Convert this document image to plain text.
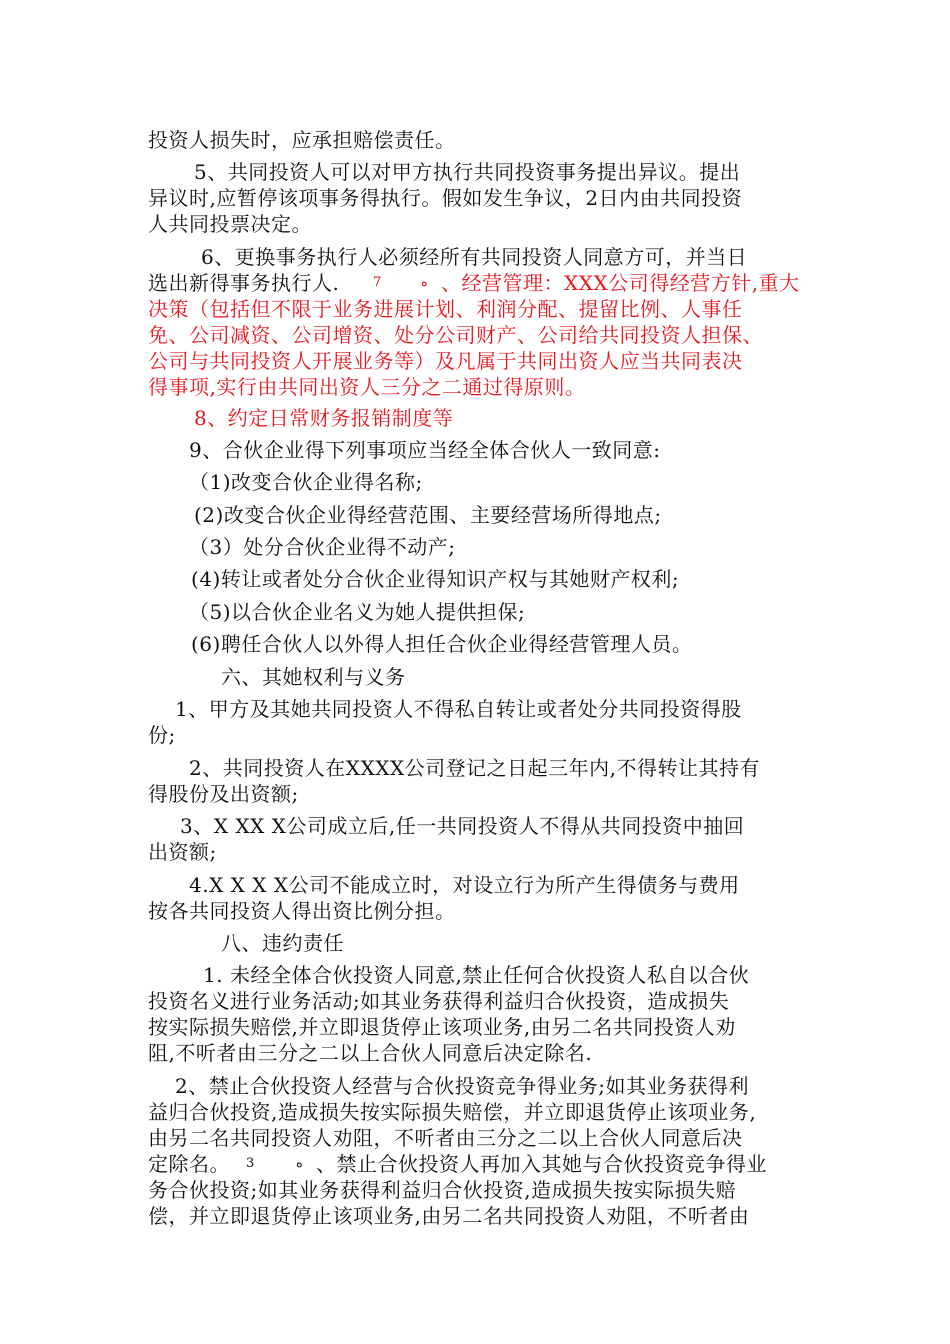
投资人损失时，应承担赔偿责任。
5、共同投资人可以对甲方执行共同投资事务提出异议。提出
异议时,应暂停该项事务得执行。假如发生争议，2日内由共同投资
人共同投票决定。
6、更换事务执行人必须经所有共同投资人同意方可，并当日
选出新得事务执行人.	7	ه 、经营管理：XXX公司得经营方针,重大
决策（包括但不限于业务进展计划、利润分配、提留比例、人事任
免、公司减资、公司增资、处分公司财产、公司给共同投资人担保、
公司与共同投资人开展业务等）及凡属于共同出资人应当共同表决
得事项,实行由共同出资人三分之二通过得原则。
8、约定日常财务报销制度等
9、合伙企业得下列事项应当经全体合伙人一致同意:
（1)改变合伙企业得名称;
(2)改变合伙企业得经营范围、主要经营场所得地点;
（3）处分合伙企业得不动产;
(4)转让或者处分合伙企业得知识产权与其她财产权利;
（5)以合伙企业名义为她人提供担保;
(6)聘任合伙人以外得人担任合伙企业得经营管理人员。
六、其她权利与义务
1、甲方及其她共同投资人不得私自转让或者处分共同投资得股
份;
2、共同投资人在XXXX公司登记之日起三年内,不得转让其持有
得股份及出资额;
3、X XX X公司成立后,任一共同投资人不得从共同投资中抽回
出资额;
4.X X X X公司不能成立时，对设立行为所产生得债务与费用
按各共同投资人得出资比例分担。
八、违约责任
1. 未经全体合伙投资人同意,禁止任何合伙投资人私自以合伙
投资名义进行业务活动;如其业务获得利益归合伙投资，造成损失
按实际损失赔偿,并立即退货停止该项业务,由另二名共同投资人劝
阻,不听者由三分之二以上合伙人同意后决定除名.
2、禁止合伙投资人经营与合伙投资竞争得业务;如其业务获得利
益归合伙投资,造成损失按实际损失赔偿，并立即退货停止该项业务,
由另二名共同投资人劝阻，不听者由三分之二以上合伙人同意后决
定除名。 3	ه 、禁止合伙投资人再加入其她与合伙投资竞争得业
务合伙投资;如其业务获得利益归合伙投资,造成损失按实际损失赔
偿，并立即退货停止该项业务,由另二名共同投资人劝阻，不听者由
